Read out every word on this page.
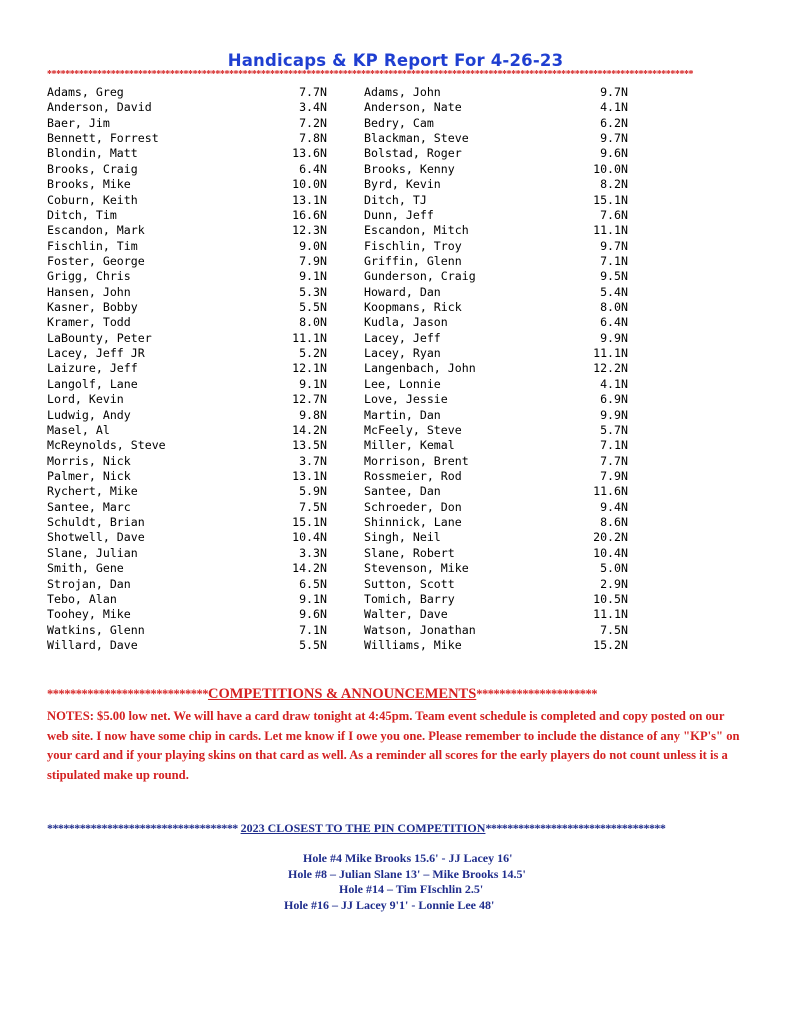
Handicaps & KP Report For 4-26-23
**********************************************************************************************************************************************
Adams, Greg	7.7N
Anderson, David	3.4N
Baer, Jim	7.2N
Bennett, Forrest	7.8N
Blondin, Matt	13.6N
Brooks, Craig	6.4N
Brooks, Mike	10.0N
Coburn, Keith	13.1N
Ditch, Tim	16.6N
Escandon, Mark	12.3N
Fischlin, Tim	9.0N
Foster, George	7.9N
Grigg, Chris	9.1N
Hansen, John	5.3N
Kasner, Bobby	5.5N
Kramer, Todd	8.0N
LaBounty, Peter	11.1N
Lacey, Jeff JR	5.2N
Laizure, Jeff	12.1N
Langolf, Lane	9.1N
Lord, Kevin	12.7N
Ludwig, Andy	9.8N
Masel, Al	14.2N
McReynolds, Steve	13.5N
Morris, Nick	3.7N
Palmer, Nick	13.1N
Rychert, Mike	5.9N
Santee, Marc	7.5N
Schuldt, Brian	15.1N
Shotwell, Dave	10.4N
Slane, Julian	3.3N
Smith, Gene	14.2N
Strojan, Dan	6.5N
Tebo, Alan	9.1N
Toohey, Mike	9.6N
Watkins, Glenn	7.1N
Willard, Dave	5.5N
Adams, John	9.7N
Anderson, Nate	4.1N
Bedry, Cam	6.2N
Blackman, Steve	9.7N
Bolstad, Roger	9.6N
Brooks, Kenny	10.0N
Byrd, Kevin	8.2N
Ditch, TJ	15.1N
Dunn, Jeff	7.6N
Escandon, Mitch	11.1N
Fischlin, Troy	9.7N
Griffin, Glenn	7.1N
Gunderson, Craig	9.5N
Howard, Dan	5.4N
Koopmans, Rick	8.0N
Kudla, Jason	6.4N
Lacey, Jeff	9.9N
Lacey, Ryan	11.1N
Langenbach, John	12.2N
Lee, Lonnie	4.1N
Love, Jessie	6.9N
Martin, Dan	9.9N
McFeely, Steve	5.7N
Miller, Kemal	7.1N
Morrison, Brent	7.7N
Rossmeier, Rod	7.9N
Santee, Dan	11.6N
Schroeder, Don	9.4N
Shinnick, Lane	8.6N
Singh, Neil	20.2N
Slane, Robert	10.4N
Stevenson, Mike	5.0N
Sutton, Scott	2.9N
Tomich, Barry	10.5N
Walter, Dave	11.1N
Watson, Jonathan	7.5N
Williams, Mike	15.2N
****************************COMPETITIONS & ANNOUNCEMENTS*********************
NOTES: $5.00 low net. We will have a card draw tonight at 4:45pm. Team event schedule is completed and copy posted on our web site. I now have some chip in cards. Let me know if I owe you one. Please remember to include the distance of any "KP's" on your card and if your playing skins on that card as well. As a reminder all scores for the early players do not count unless it is a stipulated make up round.
*********************************** 2023 CLOSEST TO THE PIN COMPETITION*********************************
Hole #4 Mike Brooks 15.6' - JJ Lacey 16'
Hole #8 – Julian Slane 13' – Mike Brooks 14.5'
Hole #14 – Tim FIschlin 2.5'
Hole #16 – JJ Lacey 9'1' - Lonnie Lee 48'
